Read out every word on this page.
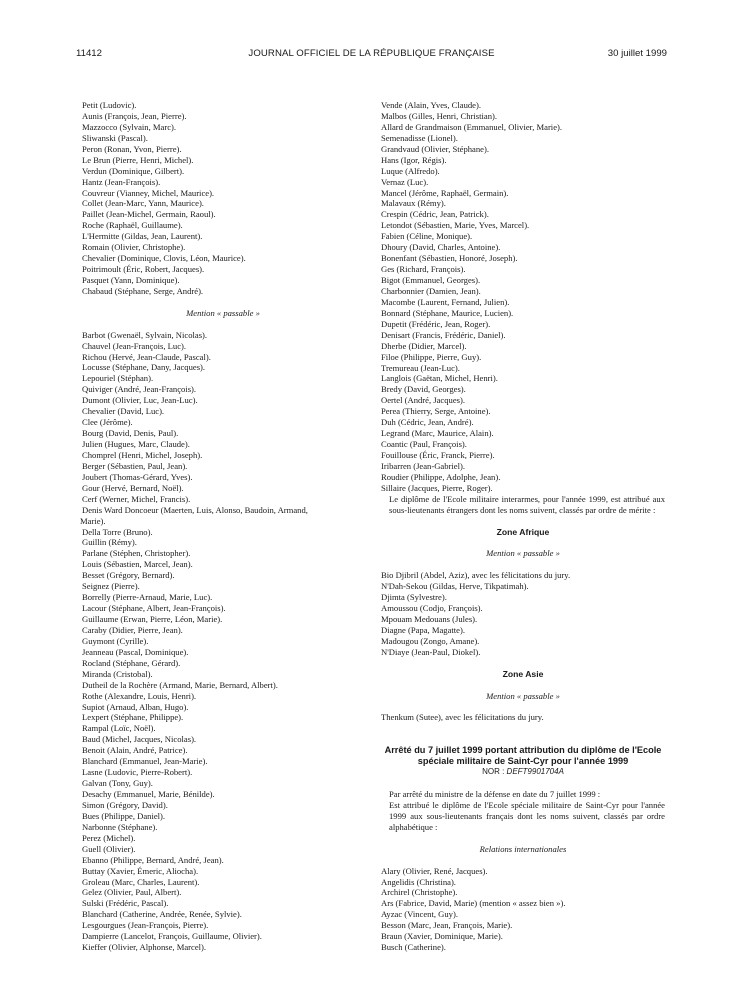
11412	JOURNAL OFFICIEL DE LA RÉPUBLIQUE FRANÇAISE	30 juillet 1999
Petit (Ludovic).
Aunis (François, Jean, Pierre).
Mazzocco (Sylvain, Marc).
Sliwanski (Pascal).
Peron (Ronan, Yvon, Pierre).
Le Brun (Pierre, Henri, Michel).
Verdun (Dominique, Gilbert).
Hantz (Jean-François).
Couvreur (Vianney, Michel, Maurice).
Collet (Jean-Marc, Yann, Maurice).
Paillet (Jean-Michel, Germain, Raoul).
Roche (Raphaël, Guillaume).
L'Hermitte (Gildas, Jean, Laurent).
Romain (Olivier, Christophe).
Chevalier (Dominique, Clovis, Léon, Maurice).
Poitrimoult (Éric, Robert, Jacques).
Pasquet (Yann, Dominique).
Chabaud (Stéphane, Serge, André).
Mention « passable »
Barbot (Gwenaël, Sylvain, Nicolas).
Chauvel (Jean-François, Luc).
Richou (Hervé, Jean-Claude, Pascal).
Locusse (Stéphane, Dany, Jacques).
Lepouriel (Stéphan).
Quiviger (André, Jean-François).
Dumont (Olivier, Luc, Jean-Luc).
Chevalier (David, Luc).
Clee (Jérôme).
Bourg (David, Denis, Paul).
Julien (Hugues, Marc, Claude).
Chomprel (Henri, Michel, Joseph).
Berger (Sébastien, Paul, Jean).
Joubert (Thomas-Gérard, Yves).
Gour (Hervé, Bernard, Noël).
Cerf (Werner, Michel, Francis).
Denis Ward Doncoeur (Maerten, Luis, Alonso, Baudoin, Armand,
Marie).
Della Torre (Bruno).
Guillin (Rémy).
Parlane (Stéphen, Christopher).
Louis (Sébastien, Marcel, Jean).
Besset (Grégory, Bernard).
Seignez (Pierre).
Borrelly (Pierre-Arnaud, Marie, Luc).
Lacour (Stéphane, Albert, Jean-François).
Guillaume (Erwan, Pierre, Léon, Marie).
Caraby (Didier, Pierre, Jean).
Guymont (Cyrille).
Jeanneau (Pascal, Dominique).
Rocland (Stéphane, Gérard).
Miranda (Cristobal).
Dutheil de la Rochère (Armand, Marie, Bernard, Albert).
Rothe (Alexandre, Louis, Henri).
Supiot (Arnaud, Alban, Hugo).
Lexpert (Stéphane, Philippe).
Rampal (Loïc, Noël).
Baud (Michel, Jacques, Nicolas).
Benoit (Alain, André, Patrice).
Blanchard (Emmanuel, Jean-Marie).
Lasne (Ludovic, Pierre-Robert).
Galvan (Tony, Guy).
Desachy (Emmanuel, Marie, Bénilde).
Simon (Grégory, David).
Bues (Philippe, Daniel).
Narbonne (Stéphane).
Perez (Michel).
Guell (Olivier).
Ebanno (Philippe, Bernard, André, Jean).
Buttay (Xavier, Émeric, Aliocha).
Groleau (Marc, Charles, Laurent).
Gelez (Olivier, Paul, Albert).
Sulski (Frédéric, Pascal).
Blanchard (Catherine, Andrée, Renée, Sylvie).
Lesgourgues (Jean-François, Pierre).
Dampierre (Lancelot, François, Guillaume, Olivier).
Kieffer (Olivier, Alphonse, Marcel).
Vende (Alain, Yves, Claude).
Malbos (Gilles, Henri, Christian).
Allard de Grandmaison (Emmanuel, Olivier, Marie).
Semenadisse (Lionel).
Grandvaud (Olivier, Stéphane).
Hans (Igor, Régis).
Luque (Alfredo).
Vernaz (Luc).
Mancel (Jérôme, Raphaël, Germain).
Malavaux (Rémy).
Crespin (Cédric, Jean, Patrick).
Letondot (Sébastien, Marie, Yves, Marcel).
Fabien (Céline, Monique).
Dhoury (David, Charles, Antoine).
Bonenfant (Sébastien, Honoré, Joseph).
Ges (Richard, François).
Bigot (Emmanuel, Georges).
Charbonnier (Damien, Jean).
Macombe (Laurent, Fernand, Julien).
Bonnard (Stéphane, Maurice, Lucien).
Dupetit (Frédéric, Jean, Roger).
Denisart (Francis, Frédéric, Daniel).
Dherbe (Didier, Marcel).
Filoe (Philippe, Pierre, Guy).
Tremureau (Jean-Luc).
Langlois (Gaëtan, Michel, Henri).
Bredy (David, Georges).
Oertel (André, Jacques).
Perea (Thierry, Serge, Antoine).
Duh (Cédric, Jean, André).
Legrand (Marc, Maurice, Alain).
Coantic (Paul, François).
Fouillouse (Éric, Franck, Pierre).
Iribarren (Jean-Gabriel).
Roudier (Philippe, Adolphe, Jean).
Sillaire (Jacques, Pierre, Roger).
Le diplôme de l'Ecole militaire interarmes, pour l'année 1999, est attribué aux sous-lieutenants étrangers dont les noms suivent, classés par ordre de mérite :
Zone Afrique
Mention « passable »
Bio Djibril (Abdel, Aziz), avec les félicitations du jury.
N'Dah-Sekou (Gildas, Herve, Tikpatimah).
Djimta (Sylvestre).
Amoussou (Codjo, François).
Mpouam Medouans (Jules).
Diagne (Papa, Magatte).
Madougou (Zongo, Amane).
N'Diaye (Jean-Paul, Diokel).
Zone Asie
Mention « passable »
Thenkum (Sutee), avec les félicitations du jury.
Arrêté du 7 juillet 1999 portant attribution du diplôme de l'Ecole spéciale militaire de Saint-Cyr pour l'année 1999
NOR : DEFT9901704A
Par arrêté du ministre de la défense en date du 7 juillet 1999 :
Est attribué le diplôme de l'Ecole spéciale militaire de Saint-Cyr pour l'année 1999 aux sous-lieutenants français dont les noms suivent, classés par ordre alphabétique :
Relations internationales
Alary (Olivier, René, Jacques).
Angelidis (Christina).
Archirel (Christophe).
Ars (Fabrice, David, Marie) (mention « assez bien »).
Ayzac (Vincent, Guy).
Besson (Marc, Jean, François, Marie).
Braun (Xavier, Dominique, Marie).
Busch (Catherine).
